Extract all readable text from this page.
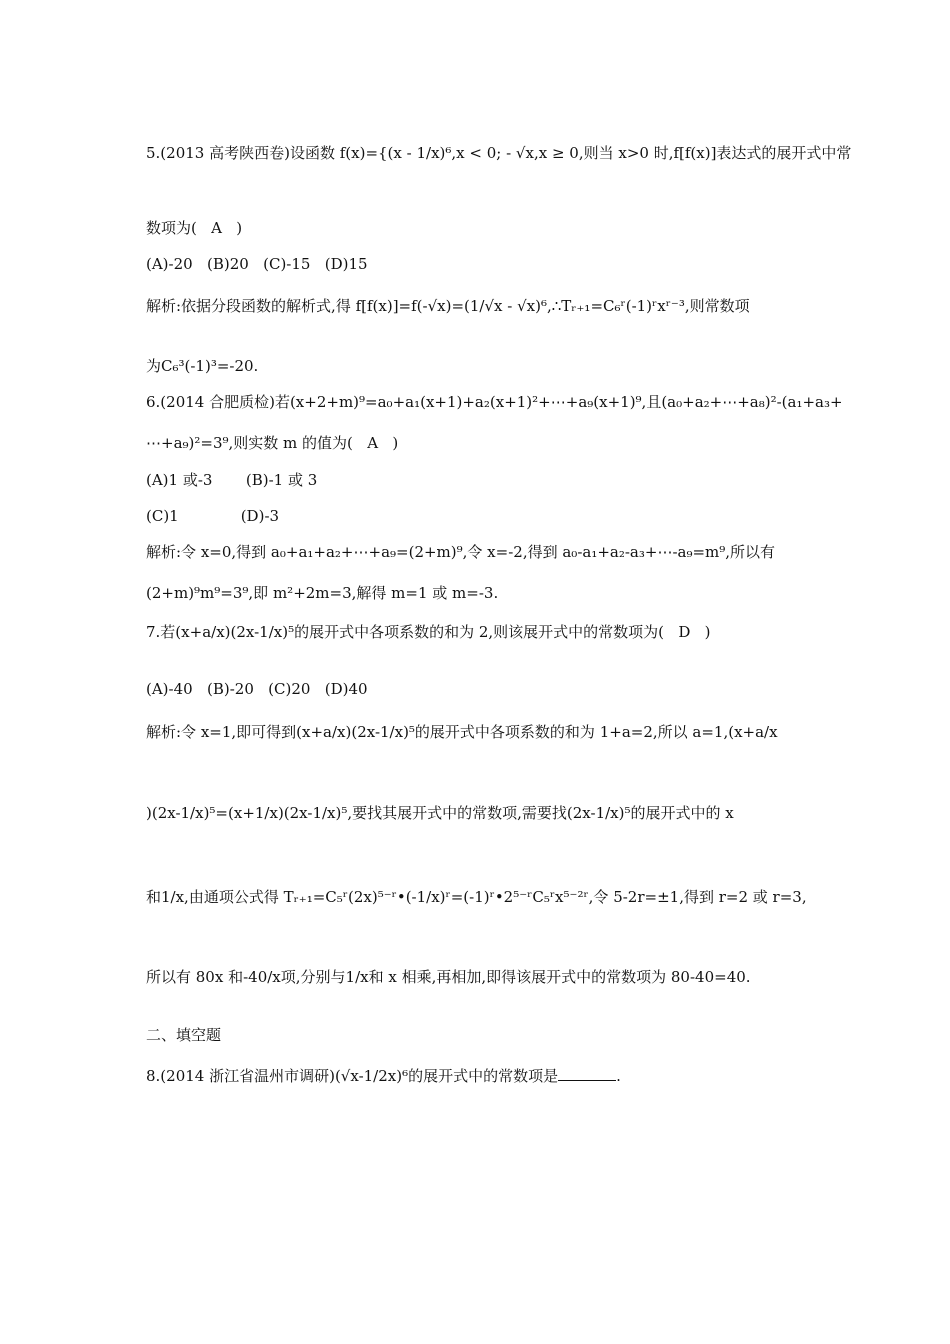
5.(2013 高考陕西卷)设函数 f(x)={(x - 1/x)⁶,x < 0; - √x,x ≥ 0,则当 x>0 时,f[f(x)]表达式的展开式中常
数项为(   A   )
(A)-20   (B)20   (C)-15   (D)15
解析:依据分段函数的解析式,得 f[f(x)]=f(-√x)=(1/√x - √x)⁶,∴Tᵣ₊₁=C₆ʳ(-1)ʳxʳ⁻³,则常数项
为C₆³(-1)³=-20.
6.(2014 合肥质检)若(x+2+m)⁹=a₀+a₁(x+1)+a₂(x+1)²+⋯+a₉(x+1)⁹,且(a₀+a₂+⋯+a₈)²-(a₁+a₃+
⋯+a₉)²=3⁹,则实数 m 的值为(   A   )
(A)1 或-3       (B)-1 或 3
(C)1             (D)-3
解析:令 x=0,得到 a₀+a₁+a₂+⋯+a₉=(2+m)⁹,令 x=-2,得到 a₀-a₁+a₂-a₃+⋯-a₉=m⁹,所以有
(2+m)⁹m⁹=3⁹,即 m²+2m=3,解得 m=1 或 m=-3.
7.若(x+a/x)(2x-1/x)⁵的展开式中各项系数的和为 2,则该展开式中的常数项为(   D   )
(A)-40   (B)-20   (C)20   (D)40
解析:令 x=1,即可得到(x+a/x)(2x-1/x)⁵的展开式中各项系数的和为 1+a=2,所以 a=1,(x+a/x
)(2x-1/x)⁵=(x+1/x)(2x-1/x)⁵,要找其展开式中的常数项,需要找(2x-1/x)⁵的展开式中的 x
和1/x,由通项公式得 Tᵣ₊₁=C₅ʳ(2x)⁵⁻ʳ•(-1/x)ʳ=(-1)ʳ•2⁵⁻ʳC₅ʳx⁵⁻²ʳ,令 5-2r=±1,得到 r=2 或 r=3,
所以有 80x 和-40/x项,分别与1/x和 x 相乘,再相加,即得该展开式中的常数项为 80-40=40.
二、填空题
8.(2014 浙江省温州市调研)(√x-1/2x)⁶的展开式中的常数项是	.
